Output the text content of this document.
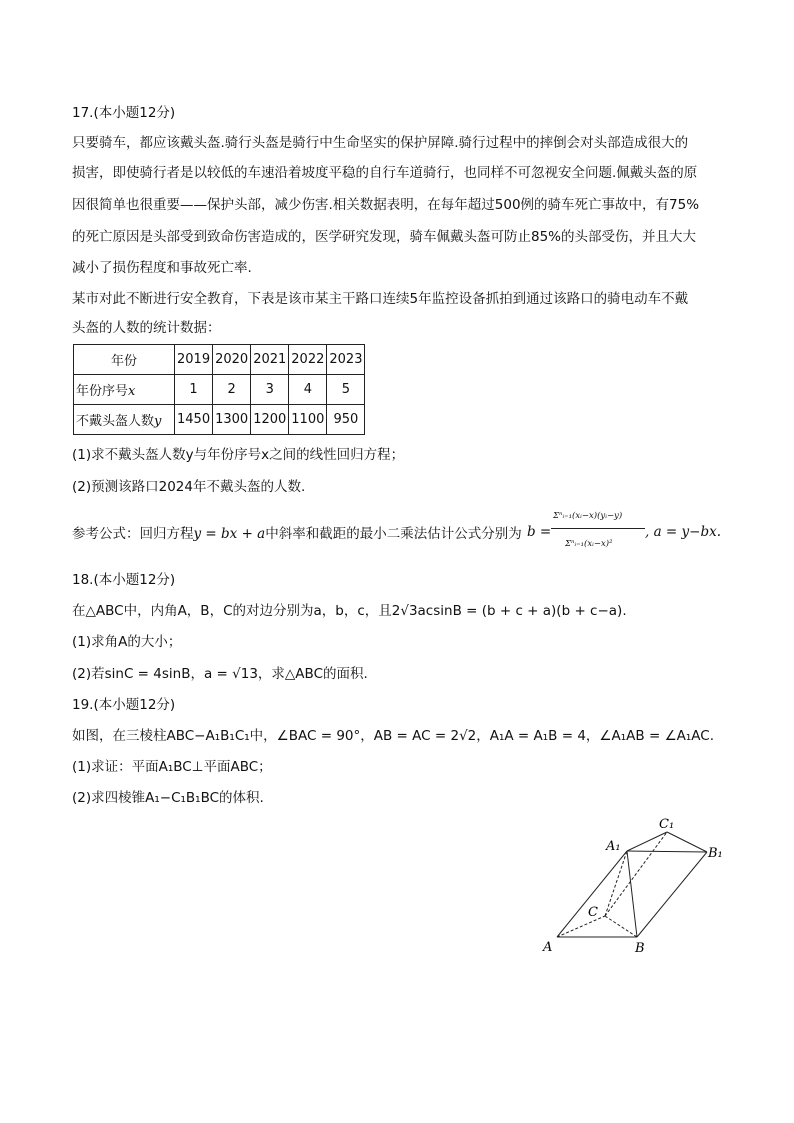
17.(本小题12分)
只要骑车，都应该戴头盔.骑行头盔是骑行中生命坚实的保护屏障.骑行过程中的摔倒会对头部造成很大的
损害，即使骑行者是以较低的车速沿着坡度平稳的自行车道骑行，也同样不可忽视安全问题.佩戴头盔的原
因很简单也很重要——保护头部，减少伤害.相关数据表明，在每年超过500例的骑车死亡事故中，有75%
的死亡原因是头部受到致命伤害造成的，医学研究发现，骑车佩戴头盔可防止85%的头部受伤，并且大大
减小了损伤程度和事故死亡率.
某市对此不断进行安全教育，下表是该市某主干路口连续5年监控设备抓拍到通过该路口的骑电动车不戴
头盔的人数的统计数据：
年份	2019	2020	2021	2022	2023
年份序号x	1	2	3	4	5
不戴头盔人数y	1450	1300	1200	1100	950
(1)求不戴头盔人数y与年份序号x之间的线性回归方程；
(2)预测该路口2024年不戴头盔的人数.
参考公式：回归方程y = bx + a中斜率和截距的最小二乘法估计公式分别为 b =
Σⁿᵢ₌₁(xᵢ−x)(yᵢ−y)
Σⁿᵢ₌₁(xᵢ−x)²
, a = y−bx.
18.(本小题12分)
在△ABC中，内角A，B，C的对边分别为a，b，c，且2√3acsinB = (b + c + a)(b + c−a).
(1)求角A的大小；
(2)若sinC = 4sinB，a = √13，求△ABC的面积.
19.(本小题12分)
如图，在三棱柱ABC−A₁B₁C₁中，∠BAC = 90°，AB = AC = 2√2，A₁A = A₁B = 4，∠A₁AB = ∠A₁AC.
(1)求证：平面A₁BC⊥平面ABC；
(2)求四棱锥A₁−C₁B₁BC的体积.
A	B
C
A₁	B₁
C₁
